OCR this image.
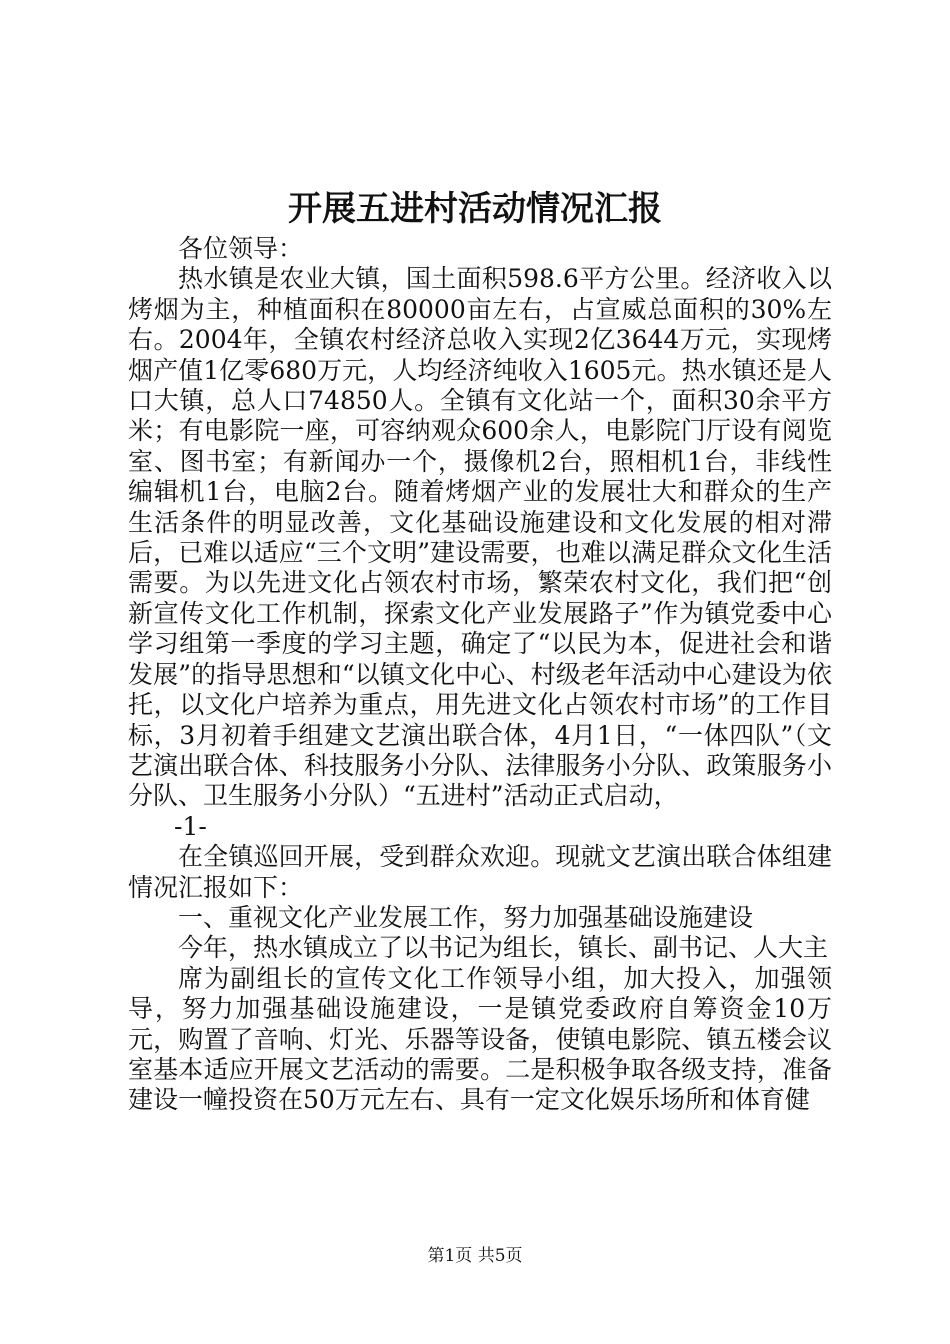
开展五进村活动情况汇报

各位领导：

热水镇是农业大镇，国土面积598.6平方公里。经济收入以烤烟为主，种植面积在80000亩左右，占宣威总面积的30%左右。2004年，全镇农村经济总收入实现2亿3644万元，实现烤烟产值1亿零680万元，人均经济纯收入1605元。热水镇还是人口大镇，总人口74850人。全镇有文化站一个，面积30余平方米；有电影院一座，可容纳观众600余人，电影院门厅设有阅览室、图书室；有新闻办一个，摄像机2台，照相机1台，非线性编辑机1台，电脑2台。随着烤烟产业的发展壮大和群众的生产生活条件的明显改善，文化基础设施建设和文化发展的相对滞后，已难以适应“三个文明”建设需要，也难以满足群众文化生活需要。为以先进文化占领农村市场，繁荣农村文化，我们把“创新宣传文化工作机制，探索文化产业发展路子”作为镇党委中心学习组第一季度的学习主题，确定了“以民为本，促进社会和谐发展”的指导思想和“以镇文化中心、村级老年活动中心建设为依托，以文化户培养为重点，用先进文化占领农村市场”的工作目标，3月初着手组建文艺演出联合体，4月1日，“一体四队”（文艺演出联合体、科技服务小分队、法律服务小分队、政策服务小分队、卫生服务小分队）“五进村”活动正式启动，

-1-

在全镇巡回开展，受到群众欢迎。现就文艺演出联合体组建情况汇报如下：

一、重视文化产业发展工作，努力加强基础设施建设

今年，热水镇成立了以书记为组长，镇长、副书记、人大主

席为副组长的宣传文化工作领导小组，加大投入，加强领导，努力加强基础设施建设，一是镇党委政府自筹资金10万元，购置了音响、灯光、乐器等设备，使镇电影院、镇五楼会议室基本适应开展文艺活动的需要。二是积极争取各级支持，准备建设一幢投资在50万元左右、具有一定文化娱乐场所和体育健

第1页 共5页
